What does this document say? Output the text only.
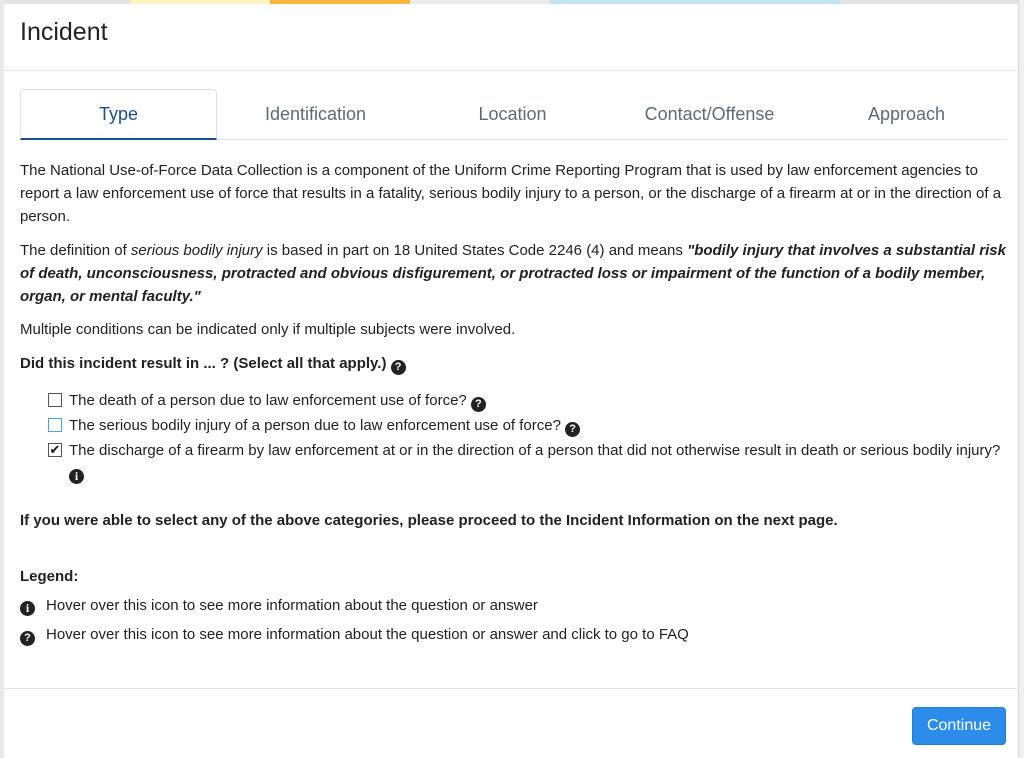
Incident
Type	Identification	Location	Contact/Offense	Approach

The National Use-of-Force Data Collection is a component of the Uniform Crime Reporting Program that is used by law enforcement agencies to report a law enforcement use of force that results in a fatality, serious bodily injury to a person, or the discharge of a firearm at or in the direction of a person.

The definition of serious bodily injury is based in part on 18 United States Code 2246 (4) and means "bodily injury that involves a substantial risk of death, unconsciousness, protracted and obvious disfigurement, or protracted loss or impairment of the function of a bodily member, organ, or mental faculty."

Multiple conditions can be indicated only if multiple subjects were involved.

Did this incident result in ... ? (Select all that apply.) ?

The death of a person due to law enforcement use of force? ?
The serious bodily injury of a person due to law enforcement use of force? ?
✔ The discharge of a firearm by law enforcement at or in the direction of a person that did not otherwise result in death or serious bodily injury? i

If you were able to select any of the above categories, please proceed to the Incident Information on the next page.

Legend:

i Hover over this icon to see more information about the question or answer

? Hover over this icon to see more information about the question or answer and click to go to FAQ

Continue
